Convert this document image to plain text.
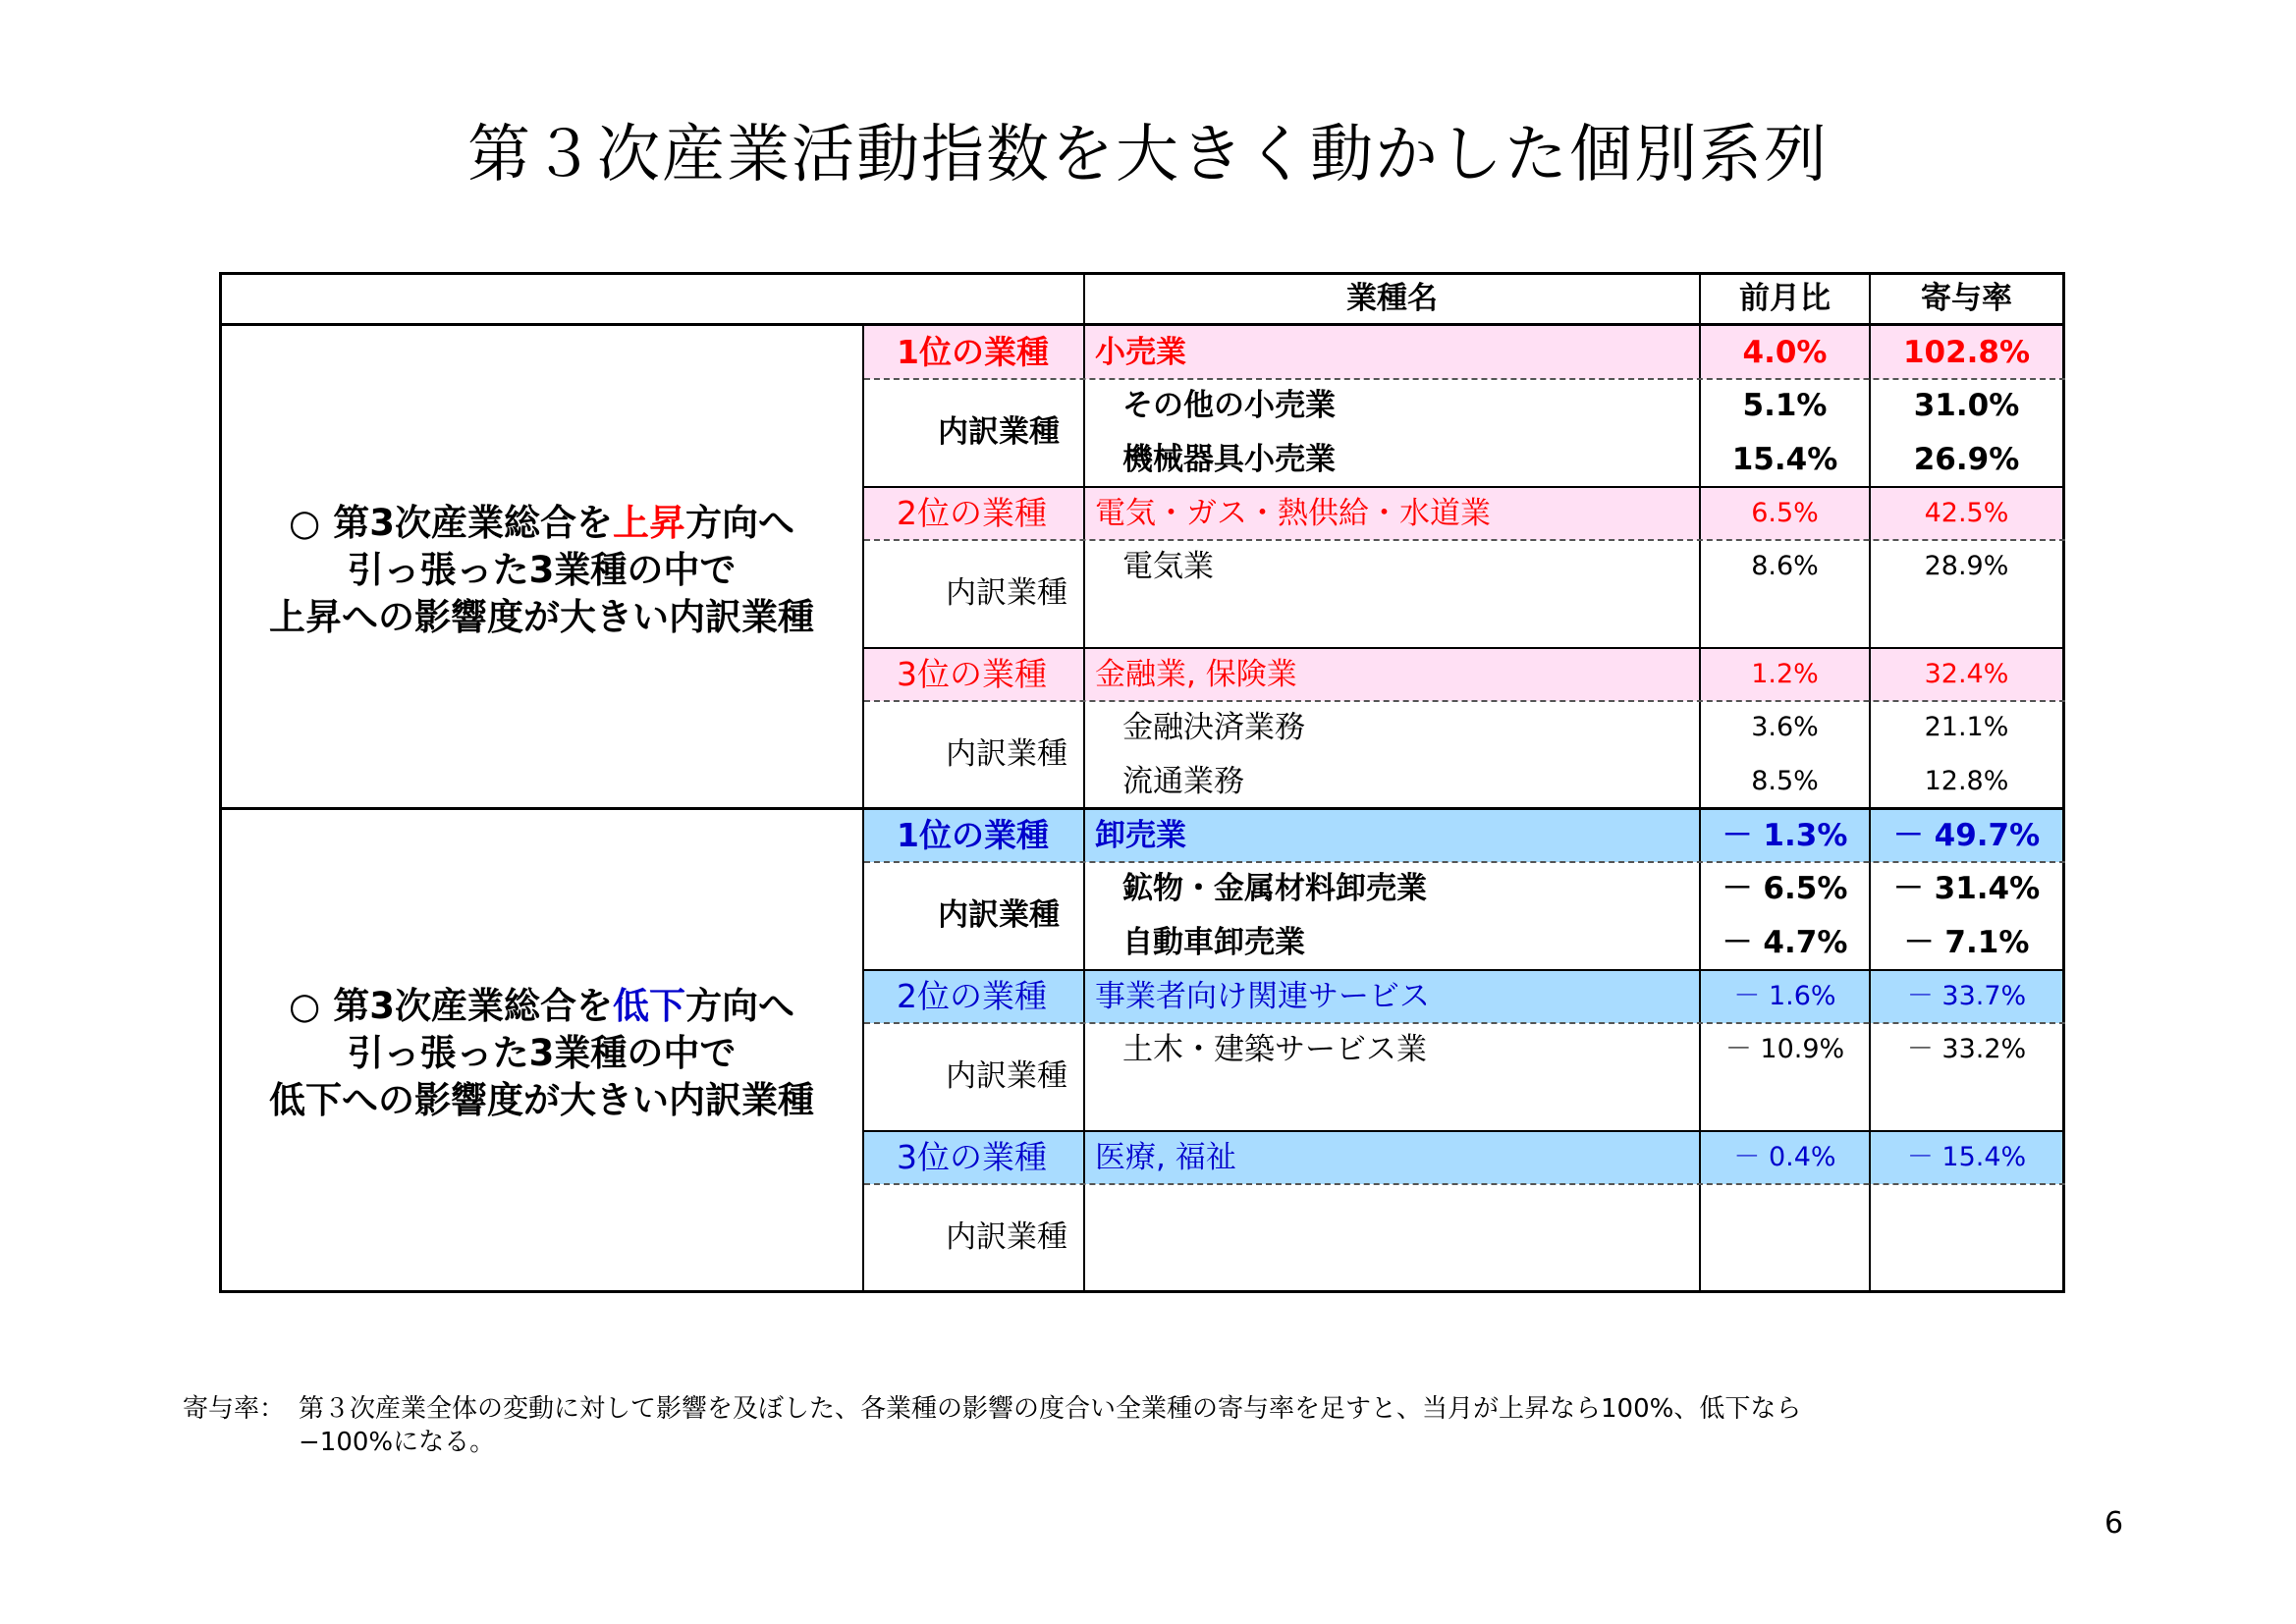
第３次産業活動指数を大きく動かした個別系列
業種名	前月比	寄与率
○ 第3次産業総合を上昇方向へ
引っ張った3業種の中で
上昇への影響度が大きい内訳業種
○ 第3次産業総合を低下方向へ
引っ張った3業種の中で
低下への影響度が大きい内訳業種
1位の業種 小売業	4.0%	102.8%
内訳業種
その他の小売業	5.1%	31.0%
機械器具小売業	15.4%	26.9%
2位の業種 電気・ガス・熱供給・水道業	6.5%	42.5%
内訳業種
電気業	8.6%	28.9%
3位の業種 金融業, 保険業	1.2%	32.4%
内訳業種
金融決済業務	3.6%	21.1%
流通業務	8.5%	12.8%
1位の業種 卸売業	－ 1.3%	－ 49.7%
内訳業種
鉱物・金属材料卸売業	－ 6.5%	－ 31.4%
自動車卸売業	－ 4.7%	－ 7.1%
2位の業種 事業者向け関連サービス	－ 1.6%	－ 33.7%
内訳業種
土木・建築サービス業	－ 10.9%	－ 33.2%
3位の業種 医療, 福祉	－ 0.4%	－ 15.4%
内訳業種
寄与率： 第３次産業全体の変動に対して影響を及ぼした、各業種の影響の度合い全業種の寄与率を足すと、当月が上昇なら100%、低下なら
−100%になる。
6
